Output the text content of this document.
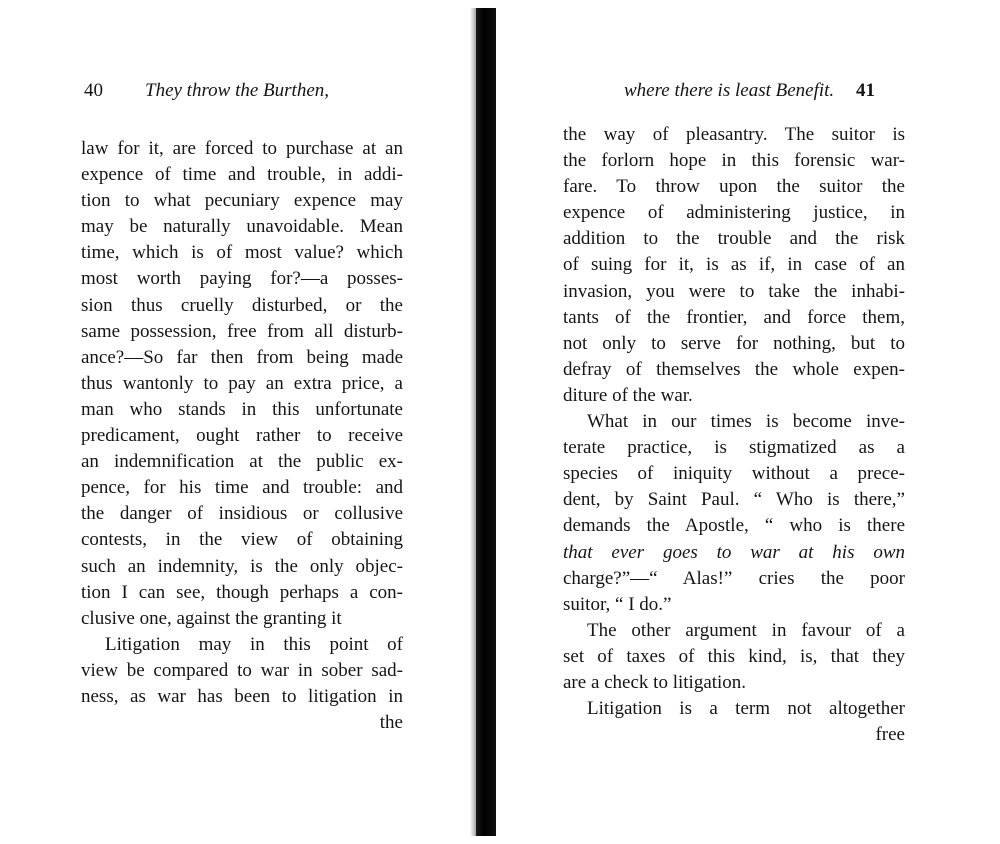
40 They throw the Burthen,
law for it, are forced to purchase at an
expence of time and trouble, in addi-
tion to what pecuniary expence may
may be naturally unavoidable. Mean
time, which is of most value? which
most worth paying for?—a posses-
sion thus cruelly disturbed, or the
same possession, free from all disturb-
ance?—So far then from being made
thus wantonly to pay an extra price, a
man who stands in this unfortunate
predicament, ought rather to receive
an indemnification at the public ex-
pence, for his time and trouble: and
the danger of insidious or collusive
contests, in the view of obtaining
such an indemnity, is the only objec-
tion I can see, though perhaps a con-
clusive one, against the granting it
Litigation may in this point of
view be compared to war in sober sad-
ness, as war has been to litigation in
the
where there is least Benefit. 41
the way of pleasantry. The suitor is
the forlorn hope in this forensic war-
fare. To throw upon the suitor the
expence of administering justice, in
addition to the trouble and the risk
of suing for it, is as if, in case of an
invasion, you were to take the inhabi-
tants of the frontier, and force them,
not only to serve for nothing, but to
defray of themselves the whole expen-
diture of the war.
What in our times is become inve-
terate practice, is stigmatized as a
species of iniquity without a prece-
dent, by Saint Paul. “ Who is there,”
demands the Apostle, “ who is there
that ever goes to war at his own
charge?”—“ Alas!” cries the poor
suitor, “ I do.”
The other argument in favour of a
set of taxes of this kind, is, that they
are a check to litigation.
Litigation is a term not altogether
free
